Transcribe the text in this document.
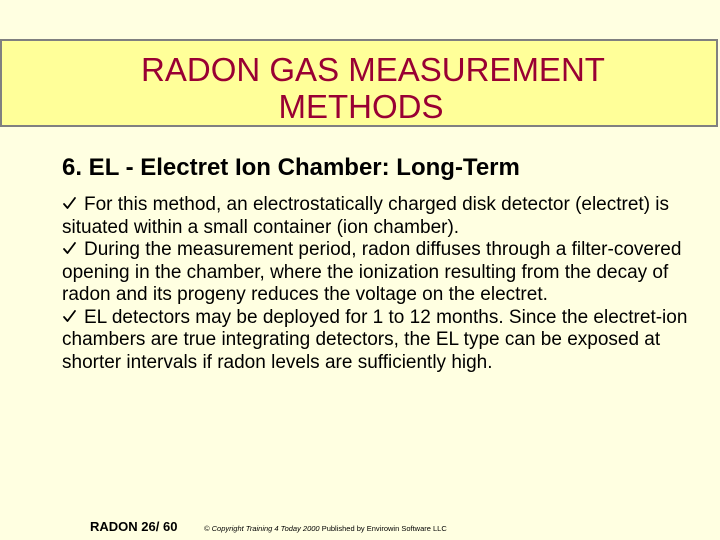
RADON GAS MEASUREMENT
METHODS
6. EL - Electret Ion Chamber: Long-Term

For this method, an electrostatically charged disk detector (electret) is situated within a small container (ion chamber).

During the measurement period, radon diffuses through a filter-covered opening in the chamber, where the ionization resulting from the decay of radon and its progeny reduces the voltage on the electret.

EL detectors may be deployed for 1 to 12 months. Since the electret-ion chambers are true integrating detectors, the EL type can be exposed at shorter intervals if radon levels are sufficiently high.

RADON 26/ 60	© Copyright Training 4 Today 2000 Published by Envirowin Software LLC
